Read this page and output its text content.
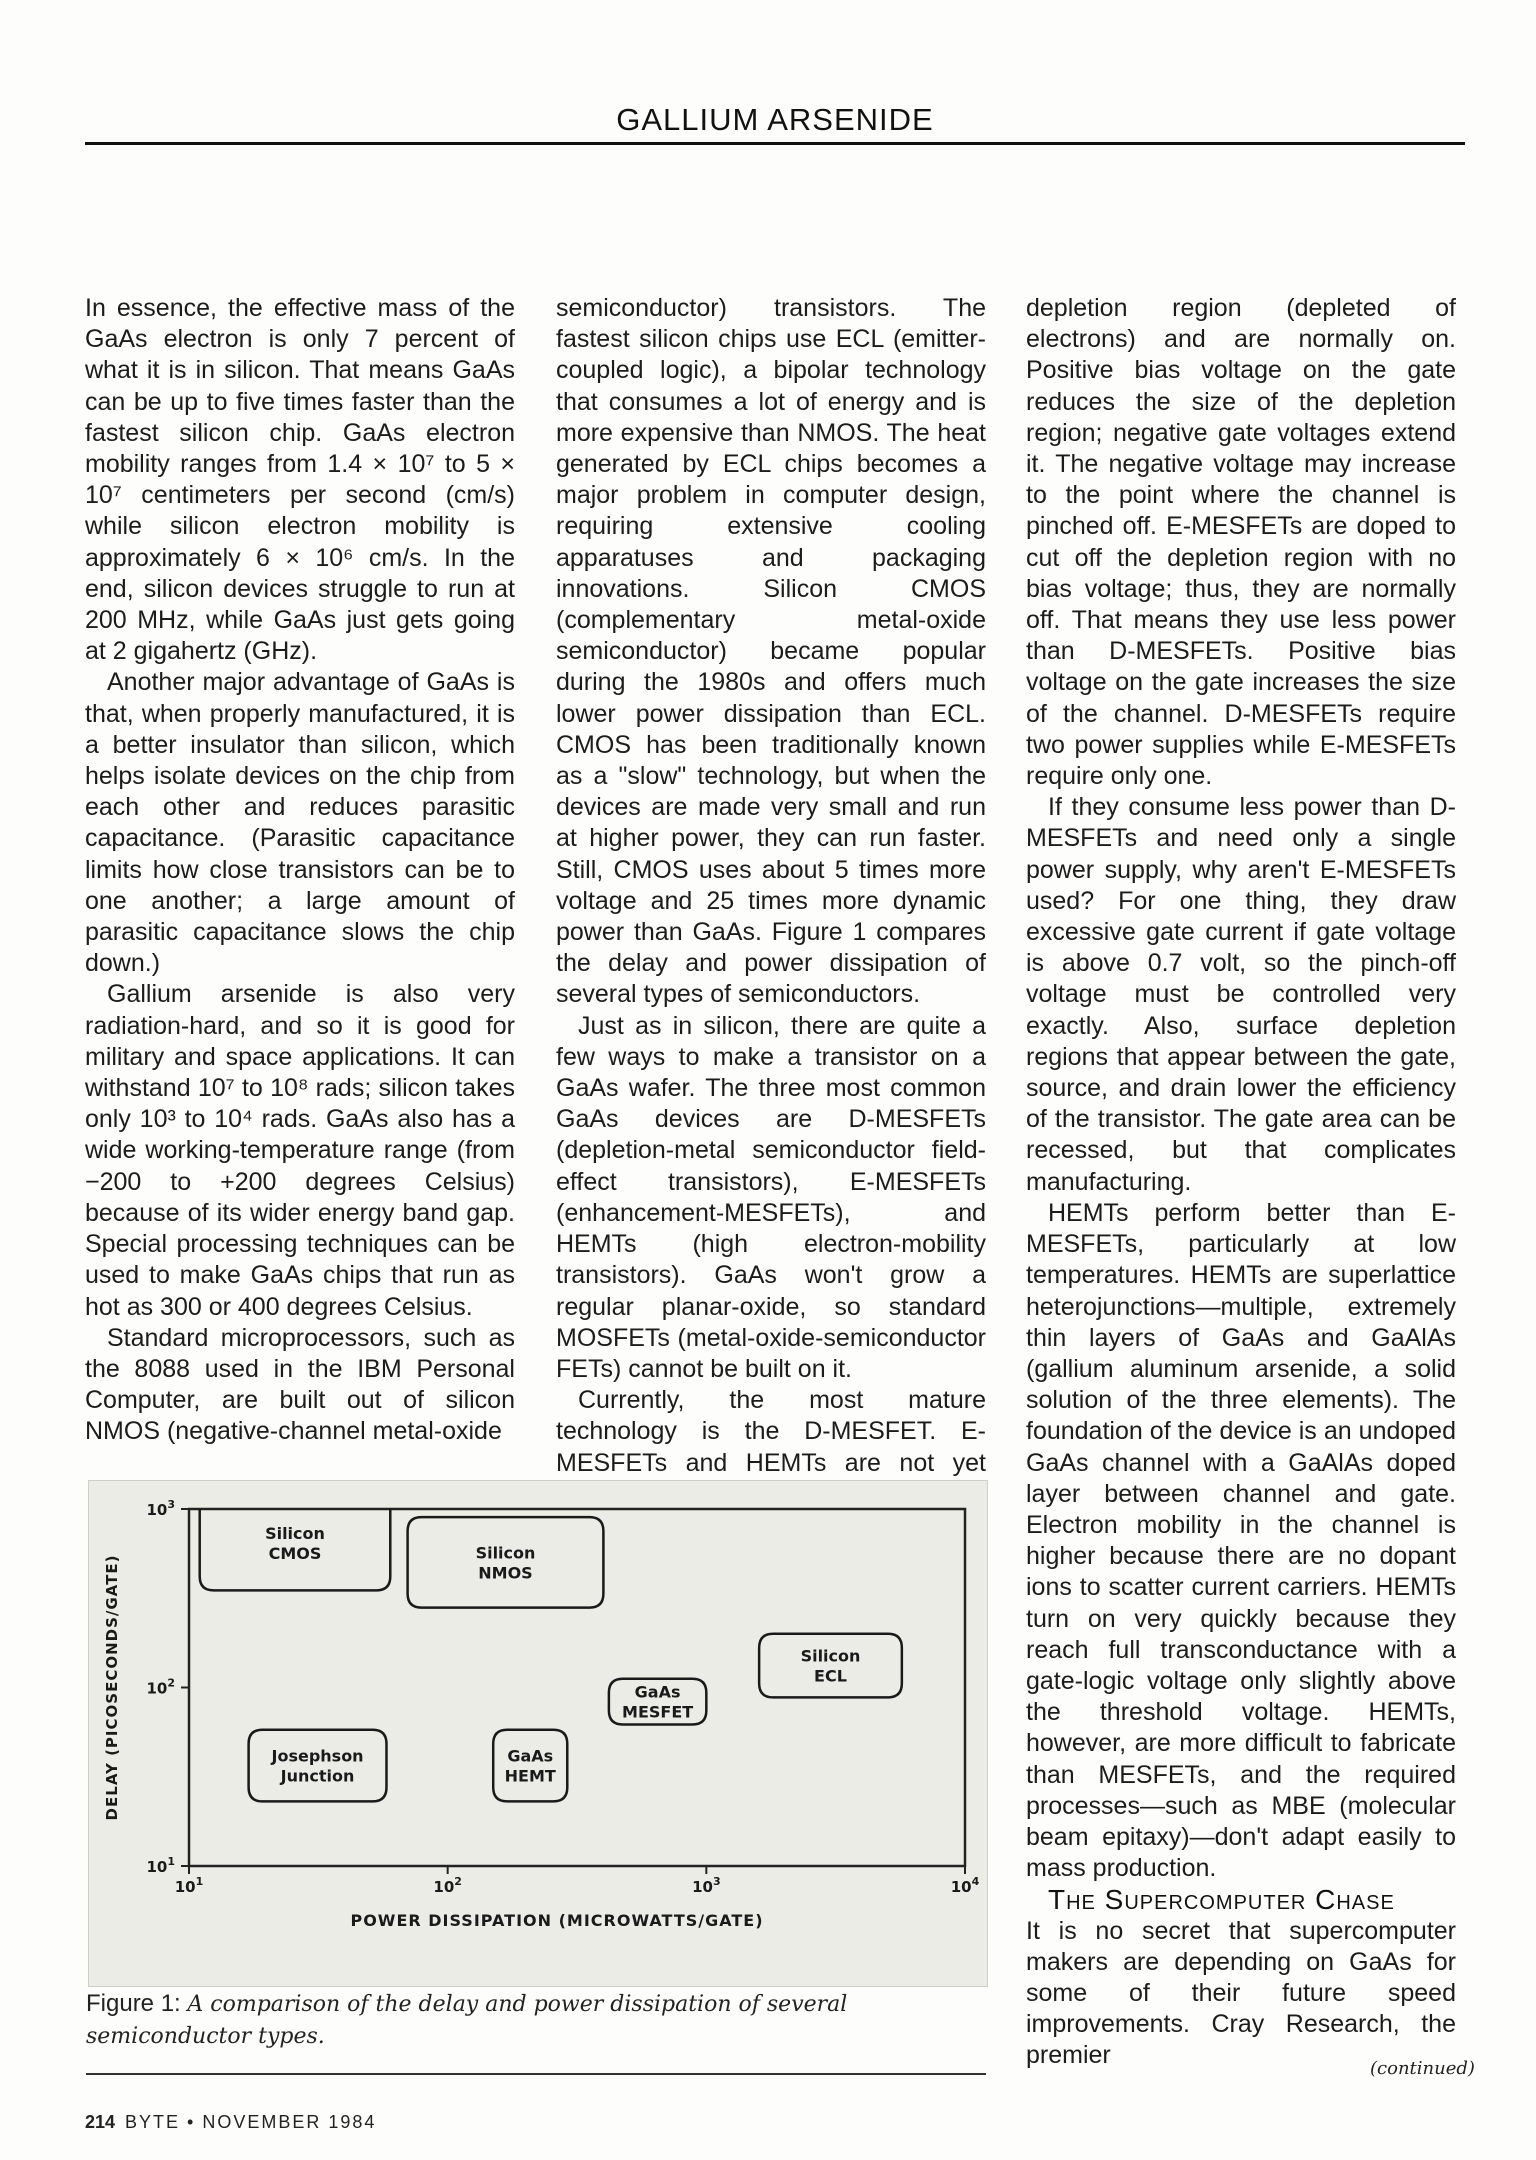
GALLIUM ARSENIDE

In essence, the effective mass of the GaAs electron is only 7 percent of what it is in silicon. That means GaAs can be up to five times faster than the fastest silicon chip. GaAs electron mobility ranges from 1.4 × 10⁷ to 5 × 10⁷ centimeters per second (cm/s) while silicon electron mobility is approximately 6 × 10⁶ cm/s. In the end, silicon devices struggle to run at 200 MHz, while GaAs just gets going at 2 gigahertz (GHz).

Another major advantage of GaAs is that, when properly manufactured, it is a better insulator than silicon, which helps isolate devices on the chip from each other and reduces parasitic capacitance. (Parasitic capacitance limits how close transistors can be to one another; a large amount of parasitic capacitance slows the chip down.)

Gallium arsenide is also very radiation-hard, and so it is good for military and space applications. It can withstand 10⁷ to 10⁸ rads; silicon takes only 10³ to 10⁴ rads. GaAs also has a wide working-temperature range (from −200 to +200 degrees Celsius) because of its wider energy band gap. Special processing techniques can be used to make GaAs chips that run as hot as 300 or 400 degrees Celsius.

Standard microprocessors, such as the 8088 used in the IBM Personal Computer, are built out of silicon NMOS (negative-channel metal-oxide

semiconductor) transistors. The fastest silicon chips use ECL (emitter-coupled logic), a bipolar technology that consumes a lot of energy and is more expensive than NMOS. The heat generated by ECL chips becomes a major problem in computer design, requiring extensive cooling apparatuses and packaging innovations. Silicon CMOS (complementary metal-oxide semiconductor) became popular during the 1980s and offers much lower power dissipation than ECL. CMOS has been traditionally known as a "slow" technology, but when the devices are made very small and run at higher power, they can run faster. Still, CMOS uses about 5 times more voltage and 25 times more dynamic power than GaAs. Figure 1 compares the delay and power dissipation of several types of semiconductors.

Just as in silicon, there are quite a few ways to make a transistor on a GaAs wafer. The three most common GaAs devices are D-MESFETs (depletion-metal semiconductor field-effect transistors), E-MESFETs (enhancement-MESFETs), and HEMTs (high electron-mobility transistors). GaAs won't grow a regular planar-oxide, so standard MOSFETs (metal-oxide-semiconductor FETs) cannot be built on it.

Currently, the most mature technology is the D-MESFET. E-MESFETs and HEMTs are not yet

depletion region (depleted of electrons) and are normally on. Positive bias voltage on the gate reduces the size of the depletion region; negative gate voltages extend it. The negative voltage may increase to the point where the channel is pinched off. E-MESFETs are doped to cut off the depletion region with no bias voltage; thus, they are normally off. That means they use less power than D-MESFETs. Positive bias voltage on the gate increases the size of the channel. D-MESFETs require two power supplies while E-MESFETs require only one.

If they consume less power than D-MESFETs and need only a single power supply, why aren't E-MESFETs used? For one thing, they draw excessive gate current if gate voltage is above 0.7 volt, so the pinch-off voltage must be controlled very exactly. Also, surface depletion regions that appear between the gate, source, and drain lower the efficiency of the transistor. The gate area can be recessed, but that complicates manufacturing.

HEMTs perform better than E-MESFETs, particularly at low temperatures. HEMTs are superlattice heterojunctions—multiple, extremely thin layers of GaAs and GaAlAs (gallium aluminum arsenide, a solid solution of the three elements). The foundation of the device is an undoped GaAs channel with a GaAlAs doped layer between channel and gate. Electron mobility in the channel is higher because there are no dopant ions to scatter current carriers. HEMTs turn on very quickly because they reach full transconductance with a gate-logic voltage only slightly above the threshold voltage. HEMTs, however, are more difficult to fabricate than MESFETs, and the required processes—such as MBE (molecular beam epitaxy)—don't adapt easily to mass production.

The Supercomputer Chase

It is no secret that supercomputer makers are depending on GaAs for some of their future speed improvements. Cray Research, the premier

$10^1$
$10^2$
$10^3$
$10^1$	$10^2$	$10^3$	$10^4$
POWER DISSIPATION (MICROWATTS/GATE)
DELAY (PICOSECONDS/GATE)
Silicon
CMOS	Silicon
NMOS
Silicon
ECL
GaAs
MESFET
Josephson
Junction
GaAs
HEMT
Figure 1: A comparison of the delay and power dissipation of several semiconductor types.
(continued)
214 BYTE • NOVEMBER 1984
